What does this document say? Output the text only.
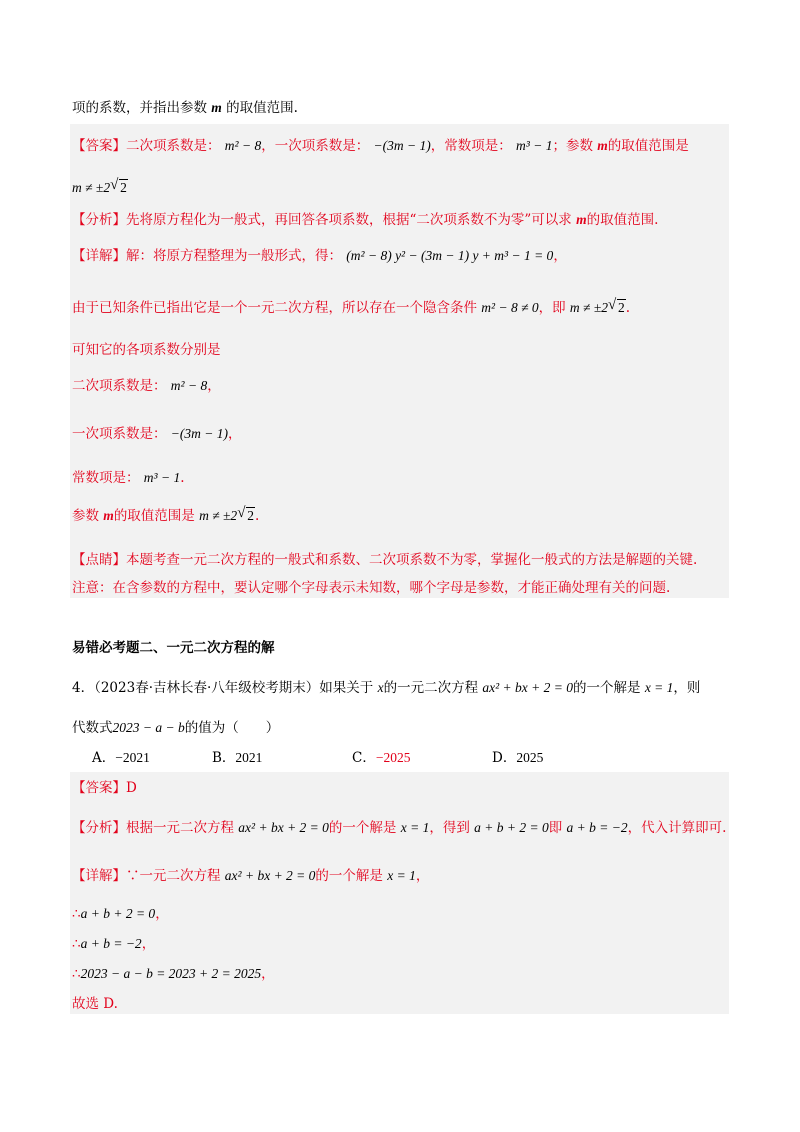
项的系数，并指出参数 m 的取值范围.
【答案】二次项系数是： m² − 8，一次项系数是： −(3m − 1)，常数项是： m³ − 1；参数 m的取值范围是
m ≠ ±2 √ 2
【分析】先将原方程化为一般式，再回答各项系数，根据“二次项系数不为零”可以求 m的取值范围.
【详解】解：将原方程整理为一般形式，得： (m² − 8) y² − (3m − 1) y + m³ − 1 = 0，
由于已知条件已指出它是一个一元二次方程，所以存在一个隐含条件 m² − 8 ≠ 0，即 m ≠ ±2 √ 2.
可知它的各项系数分别是
二次项系数是： m² − 8，
一次项系数是： −(3m − 1)，
常数项是： m³ − 1.
参数 m的取值范围是 m ≠ ±2 √ 2.
【点睛】本题考查一元二次方程的一般式和系数、二次项系数不为零，掌握化一般式的方法是解题的关键.
注意：在含参数的方程中，要认定哪个字母表示未知数，哪个字母是参数，才能正确处理有关的问题.
易错必考题二、一元二次方程的解
4．（2023春·吉林长春·八年级校考期末）如果关于 x的一元二次方程 ax² + bx + 2 = 0的一个解是 x = 1，则
代数式2023 − a − b的值为（　　）
A．−2021	B．2021	C．−2025	D．2025
【答案】D
【分析】根据一元二次方程 ax² + bx + 2 = 0的一个解是 x = 1，得到 a + b + 2 = 0即 a + b = −2，代入计算即可.
【详解】∵一元二次方程 ax² + bx + 2 = 0的一个解是 x = 1，
∴a + b + 2 = 0，
∴a + b = −2，
∴2023 − a − b = 2023 + 2 = 2025，
故选 D.
